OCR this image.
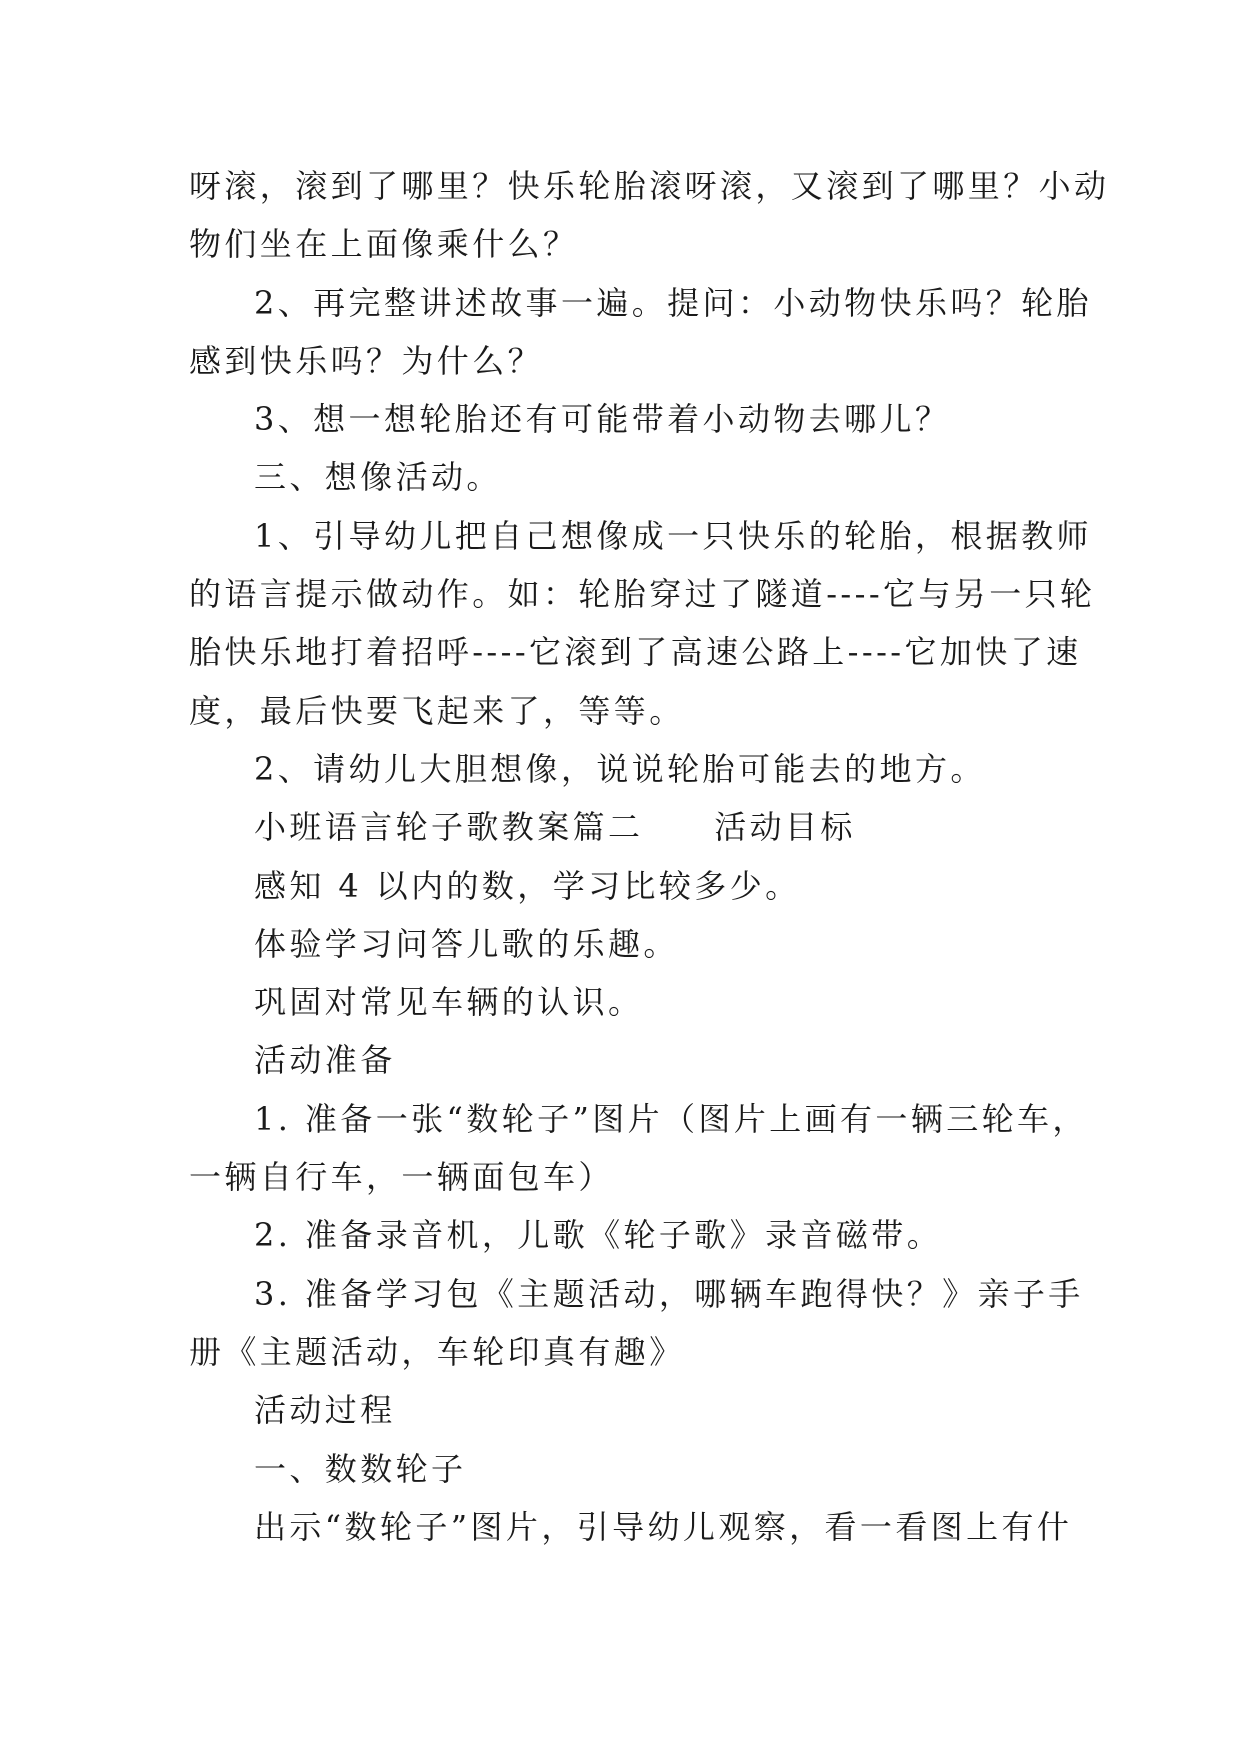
呀滚，滚到了哪里？快乐轮胎滚呀滚，又滚到了哪里？小动
物们坐在上面像乘什么？
2、再完整讲述故事一遍。提问：小动物快乐吗？轮胎
感到快乐吗？为什么？
3、想一想轮胎还有可能带着小动物去哪儿？
三、想像活动。
1、引导幼儿把自己想像成一只快乐的轮胎，根据教师
的语言提示做动作。如：轮胎穿过了隧道----它与另一只轮
胎快乐地打着招呼----它滚到了高速公路上----它加快了速
度，最后快要飞起来了，等等。
2、请幼儿大胆想像，说说轮胎可能去的地方。
小班语言轮子歌教案篇二　　活动目标
感知 4 以内的数，学习比较多少。
体验学习问答儿歌的乐趣。
巩固对常见车辆的认识。
活动准备
1. 准备一张“数轮子”图片（图片上画有一辆三轮车，
一辆自行车，一辆面包车）
2. 准备录音机，儿歌《轮子歌》录音磁带。
3. 准备学习包《主题活动，哪辆车跑得快？》亲子手
册《主题活动，车轮印真有趣》
活动过程
一、数数轮子
出示“数轮子”图片，引导幼儿观察，看一看图上有什
